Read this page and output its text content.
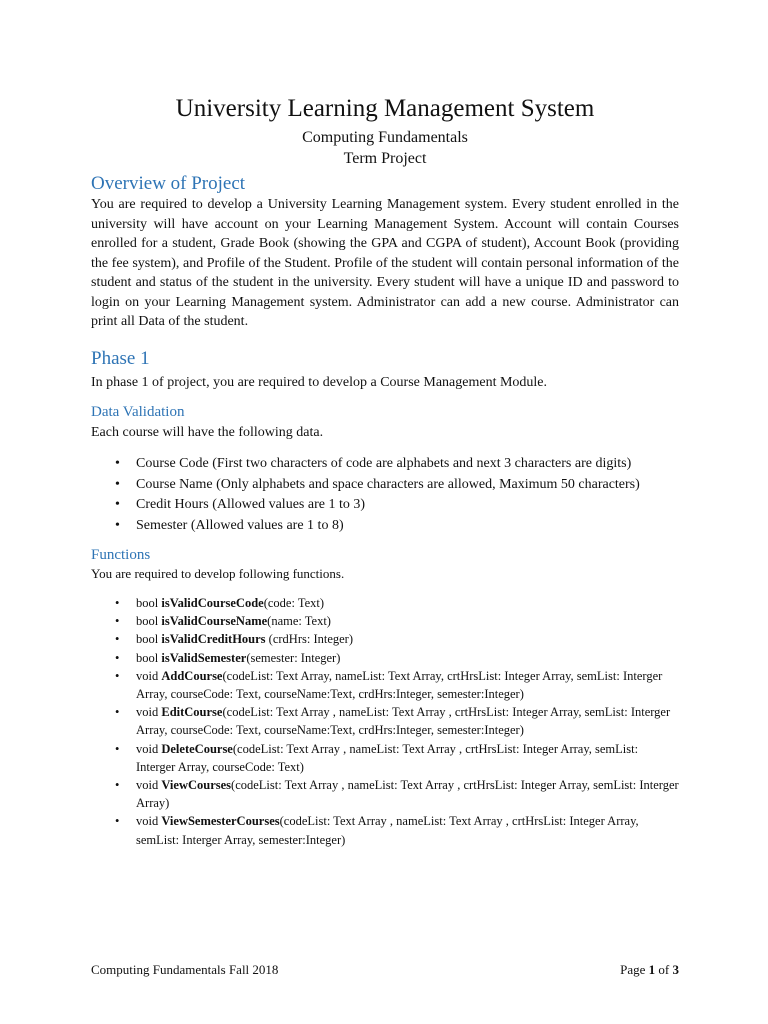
University Learning Management System
Computing Fundamentals
Term Project
Overview of Project

You are required to develop a University Learning Management system. Every student enrolled in the university will have account on your Learning Management System. Account will contain Courses enrolled for a student, Grade Book (showing the GPA and CGPA of student), Account Book (providing the fee system), and Profile of the Student. Profile of the student will contain personal information of the student and status of the student in the university. Every student will have a unique ID and password to login on your Learning Management system. Administrator can add a new course. Administrator can print all Data of the student.

Phase 1

In phase 1 of project, you are required to develop a Course Management Module.

Data Validation

Each course will have the following data.

• Course Code (First two characters of code are alphabets and next 3 characters are digits)
• Course Name (Only alphabets and space characters are allowed, Maximum 50 characters)
• Credit Hours (Allowed values are 1 to 3)
• Semester (Allowed values are 1 to 8)
Functions

You are required to develop following functions.

• bool isValidCourseCode(code: Text)
• bool isValidCourseName(name: Text)
• bool isValidCreditHours (crdHrs: Integer)
• bool isValidSemester(semester: Integer)
• void AddCourse(codeList: Text Array, nameList: Text Array, crtHrsList: Integer Array, semList: Interger Array, courseCode: Text, courseName:Text, crdHrs:Integer, semester:Integer)
• void EditCourse(codeList: Text Array , nameList: Text Array , crtHrsList: Integer Array, semList: Interger Array, courseCode: Text, courseName:Text, crdHrs:Integer, semester:Integer)
• void DeleteCourse(codeList: Text Array , nameList: Text Array , crtHrsList: Integer Array, semList: Interger Array, courseCode: Text)
• void ViewCourses(codeList: Text Array , nameList: Text Array , crtHrsList: Integer Array, semList: Interger Array)
• void ViewSemesterCourses(codeList: Text Array , nameList: Text Array , crtHrsList: Integer Array, semList: Interger Array, semester:Integer)
Computing Fundamentals Fall 2018	Page 1 of 3
